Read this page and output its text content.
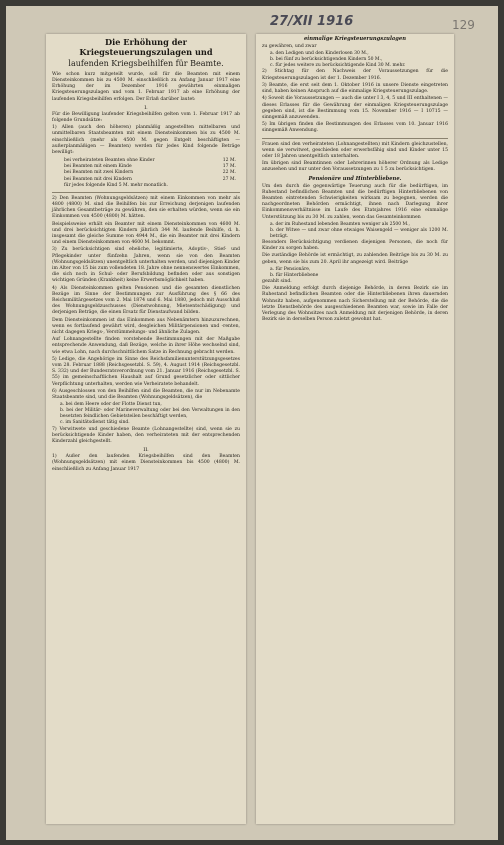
27/XII 1916	129
Die Erhöhung der Kriegsteuerungszulagen und
laufenden Kriegsbeihilfen für Beamte.
Wie schon kurz mitgeteilt wurde, soll für die Beamten mit einem Diensteinkommen bis zu 4500 M. einschließlich zu Anfang Januar 1917 eine Erhöhung der im Dezember 1916 gewährten einmaligen Kriegsteuerungszulagen und vom 1. Februar 1917 ab eine Erhöhung der laufenden Kriegsbeihilfen erfolgen. Der Erlaß darüber lautet:
I.
Für die Bewilligung laufender Kriegsbeihilfen gelten vom 1. Februar 1917 ab folgende Grundsätze:
1) Allen (auch den höheren) planmäßig angestellten mittelbaren und unmittelbaren Staatsbeamten mit einem Diensteinkommen bis zu 4500 M. einschließlich (mehr als 4500 M. gegen Entgelt beschäftigten — außerplanmäßigen — Beamten) werden für jedes Kind folgende Beträge bewilligt:
bei verheirateten Beamten ohne Kinder	12 M.
bei Beamten mit einem Kinde	17 M.
bei Beamten mit zwei Kindern	22 M.
bei Beamten mit drei Kindern	27 M.
für jedes folgende Kind 5 M. mehr monatlich.
2) Den Beamten (Wohnungsgeldsätzen) mit einem Einkommen von mehr als 4800 (4800) M. sind die Beihilfen bis zur Erreichung derjenigen laufenden jährlichen Gesamtbeträge zu gewähren, den sie erhalten würden, wenn sie ein Einkommen von 4500 (4800) M. hätten.
Beispielsweise erhält ein Beamter mit einem Diensteinkommen von 4600 M. und drei berücksichtigten Kindern jährlich 344 M. laufende Beihilfe, d. h. insgesamt die gleiche Summe von 4944 M., die ein Beamter mit drei Kindern und einem Diensteinkommen von 4600 M. bekommt.
3) Zu berücksichtigen sind eheliche, legitimierte, Adoptiv-, Stief- und Pflegekinder unter fünfzehn Jahren, wenn sie von den Beamten (Wohnungsgeldsätzen) unentgeltlich unterhalten werden, und diejenigen Kinder im Alter von 15 bis zum vollendeten 18. Jahre ohne nennenswertes Einkommen, die sich noch in Schul- oder Berufsbildung befinden oder aus sonstigen wichtigen Gründen (Krankheit) keine Erwerbsmöglichkeit haben.
4) Als Diensteinkommen gelten Pensionen und die gesamten dienstlichen Bezüge im Sinne der Bestimmungen zur Ausführung des § 66 des Reichsmilitärgesetzes vom 2. Mai 1874 und 6. Mai 1880, jedoch mit Ausschluß des Wohnungsgeldzuschusses (Dienstwohnung, Mietsentschädigung) und derjenigen Beträge, die einen Ersatz für Dienstaufwand bilden.
Dem Diensteinkommen ist das Einkommen aus Nebenämtern hinzuzurechnen, wenn es fortlaufend gewährt wird, desgleichen Militärpensionen und -renten, nicht dagegen Kriegs-, Verstümmelungs- und ähnliche Zulagen.
Auf Lohnangestellte finden vorstehende Bestimmungen mit der Maßgabe entsprechende Anwendung, daß Bezüge, welche in ihrer Höhe wechselnd sind, wie etwa Lohn, nach durchschnittlichem Satze in Rechnung gebracht werden.
5) Ledige, die Angehörige im Sinne des Reichsfamilienunterstützungsgesetzes vom 28. Februar 1888 (Reichsgesetzbl. S. 59), 4. August 1914 (Reichsgesetzbl. S. 332) und der Bundesratsverordnung vom 21. Januar 1916 (Reichsgesetzbl. S. 55) im gemeinschaftlichen Haushalt auf Grund gesetzlicher oder sittlicher Verpflichtung unterhalten, werden wie Verheiratete behandelt.
6) Ausgeschlossen von den Beihilfen sind die Beamten, die nur im Nebenamte Staatsbeamte sind, und die Beamten (Wohnungsgeldsätzen), die
a. bei dem Heere oder der Flotte Dienst tun,
b. bei der Militär- oder Marineverwaltung oder bei den Verwaltungen in den besetzten feindlichen Gebietsteilen beschäftigt werden,
c. im Sanitätsdienst tätig sind.
7) Verwitwete und geschiedene Beamte (Lohnangestellte) sind, wenn sie zu berücksichtigende Kinder haben, den verheirateten mit der entsprechenden Kinderzahl gleichgestellt.
II.
1) Außer den laufenden Kriegsbeihilfen sind den Beamten (Wohnungsgeldsätzen) mit einem Diensteinkommen bis 4500 (4800) M. einschließlich zu Anfang Januar 1917
einmalige Kriegsteuerungszulagen
zu gewähren, und zwar
a. den Ledigen und den Kinderlosen 30 M.,
b. bei fünf zu berücksichtigenden Kindern 50 M.,
c. für jedes weitere zu berücksichtigende Kind 30 M. mehr.
2) Stichtag für den Nachweis der Voraussetzungen für die Kriegsteuerungszulagen ist der 1. Dezember 1916.
3) Beamte, die erst seit dem 1. Oktober 1916 in unsere Dienste eingetreten sind, haben keinen Anspruch auf die einmalige Kriegsteuerungszulage.
4) Soweit die Voraussetzungen — auch die unter I 3, 4, 5 und III enthaltenen — dieses Erlasses für die Gewährung der einmaligen Kriegsteuerungszulage gegeben sind, ist die Bestimmung vom 15. November 1916 — I 10715 — sinngemäß anzuwenden.
5) Im übrigen finden die Bestimmungen des Erlasses vom 10. Januar 1916 sinngemäß Anwendung.
Frauen sind den verheirateten (Lohnangestellten) mit Kindern gleichzustellen, wenn sie verwitwet, geschieden oder erwerbsfähig sind und Kinder unter 15 oder 18 Jahren unentgeltlich unterhalten.
Im übrigen sind Beamtinnen oder Lehrerinnen höherer Ordnung als Ledige anzusehen und nur unter den Voraussetzungen zu 1 5 zu berücksichtigen.
Pensionäre und Hinterbliebene.
Um den durch die gegenwärtige Teuerung auch für die bedürftigen, im Ruhestand befindlichen Beamten und die bedürftigen Hinterbliebenen von Beamten eintretenden Schwierigkeiten wirksam zu begegnen, werden die nachgeordneten Behörden ermächtigt, ihnen nach Darlegung ihrer Einkommensverhältnisse im Laufe des Etatsjahres 1916 eine einmalige Unterstützung bis zu 30 M. zu zahlen, wenn das Gesamteinkommen
a. der im Ruhestand lebenden Beamten weniger als 2500 M.,
b. der Witwe — und zwar ohne etwaiges Waisengeld — weniger als 1200 M. beträgt.
Besonders Berücksichtigung verdienen diejenigen Personen, die noch für Kinder zu sorgen haben.
Die zuständige Behörde ist ermächtigt, zu zahlenden Beiträge bis zu 30 M. zu geben, wenn sie bis zum 20. April ihr angezeigt wird. Beiträge
a. für Pensionäre,
b. für Hinterbliebene
gezahlt sind.
Die Anmeldung erfolgt durch diejenige Behörde, in deren Bezirk sie im Ruhestand befindlichen Beamten oder die Hinterbliebenen ihren dauernden Wohnsitz haben, aufgenommen nach Sicherstellung mit der Behörde, die die letzte Dienstbehörde des ausgeschiedenen Beamten war, sowie im Falle der Verlegung des Wohnsitzes nach Anmeldung mit derjenigen Behörde, in deren Bezirk sie in derselben Person zuletzt gewohnt hat.
